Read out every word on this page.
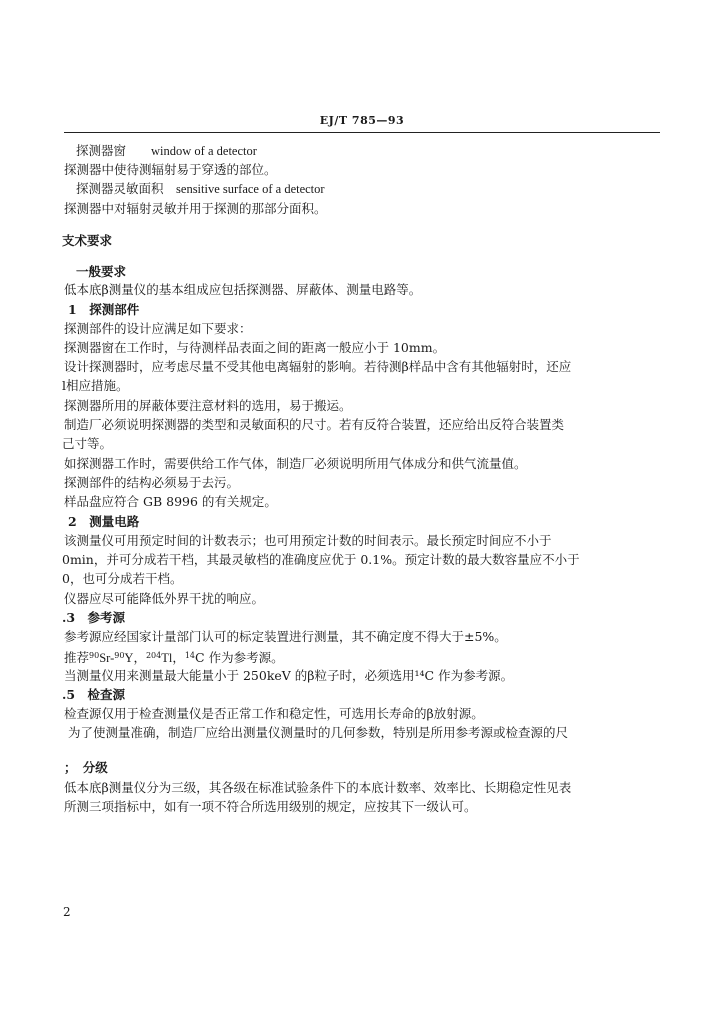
EJ/T 785—93
探测器窗　　 window of a detector
探测器中使待测辐射易于穿透的部位。
探测器灵敏面积　 sensitive surface of a detector
探测器中对辐射灵敏并用于探测的那部分面积。
支术要求
一般要求
低本底β测量仪的基本组成应包括探测器、屏蔽体、测量电路等。
1　探测部件
探测部件的设计应满足如下要求：
探测器窗在工作时，与待测样品表面之间的距离一般应小于 10mm。
设计探测器时，应考虑尽量不受其他电离辐射的影响。若待测β样品中含有其他辐射时，还应
l相应措施。
探测器所用的屏蔽体要注意材料的选用，易于搬运。
制造厂必须说明探测器的类型和灵敏面积的尺寸。若有反符合装置，还应给出反符合装置类
己寸等。
如探测器工作时，需要供给工作气体，制造厂必须说明所用气体成分和供气流量值。
探测部件的结构必须易于去污。
样品盘应符合 GB 8996 的有关规定。
2　测量电路
该测量仪可用预定时间的计数表示；也可用预定计数的时间表示。最长预定时间应不小于
0min，并可分成若干档，其最灵敏档的准确度应优于 0.1%。预定计数的最大数容量应不小于
0，也可分成若干档。
仪器应尽可能降低外界干扰的响应。
.3　参考源
参考源应经国家计量部门认可的标定装置进行测量，其不确定度不得大于±5%。
推荐$^{90}$Sr-$^{90}$Y，$^{204}$Tl，$^{14}$C 作为参考源。
当测量仪用来测量最大能量小于 250keV 的β粒子时，必须选用¹⁴C 作为参考源。
.5　检查源
检查源仅用于检查测量仪是否正常工作和稳定性，可选用长寿命的β放射源。
为了使测量准确，制造厂应给出测量仪测量时的几何参数，特别是所用参考源或检查源的尺
；　分级
低本底β测量仪分为三级，其各级在标准试验条件下的本底计数率、效率比、长期稳定性见表
所测三项指标中，如有一项不符合所选用级别的规定，应按其下一级认可。
2
